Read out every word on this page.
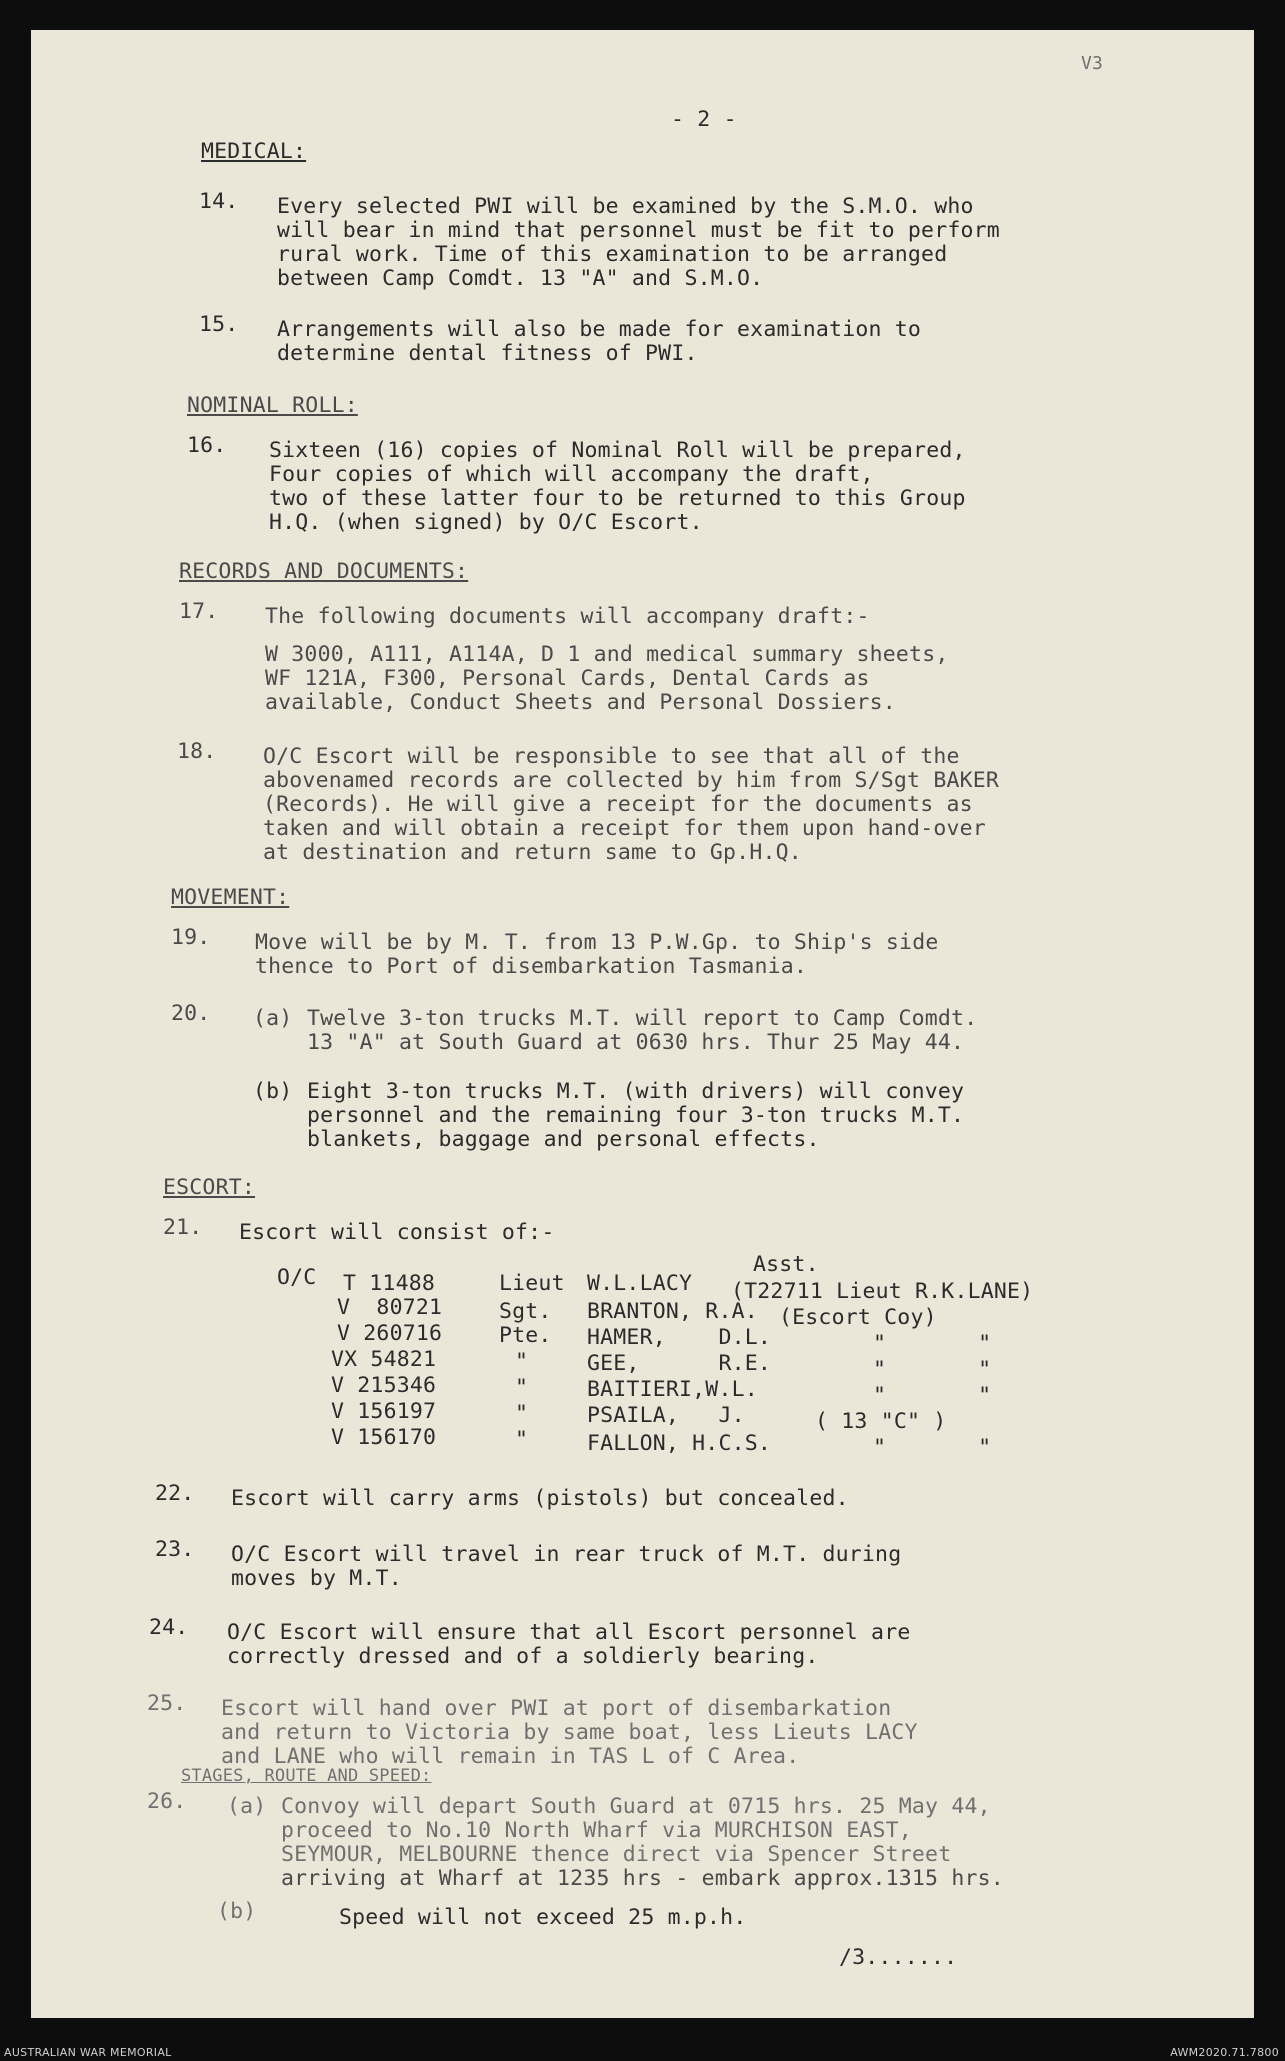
- 2 -
V3
MEDICAL:
14. Every selected PWI will be examined by the S.M.O. who
will bear in mind that personnel must be fit to perform
rural work. Time of this examination to be arranged
between Camp Comdt. 13 "A" and S.M.O.
15. Arrangements will also be made for examination to
determine dental fitness of PWI.
NOMINAL ROLL:
16. Sixteen (16) copies of Nominal Roll will be prepared,
Four copies of which will accompany the draft,
two of these latter four to be returned to this Group
H.Q. (when signed) by O/C Escort.
RECORDS AND DOCUMENTS:
17. The following documents will accompany draft:-
W 3000, A111, A114A, D 1 and medical summary sheets,
WF 121A, F300, Personal Cards, Dental Cards as
available, Conduct Sheets and Personal Dossiers.
18. O/C Escort will be responsible to see that all of the
abovenamed records are collected by him from S/Sgt BAKER
(Records). He will give a receipt for the documents as
taken and will obtain a receipt for them upon hand-over
at destination and return same to Gp.H.Q.
MOVEMENT:
19. Move will be by M. T. from 13 P.W.Gp. to Ship's side
thence to Port of disembarkation Tasmania.
20. (a) Twelve 3-ton trucks M.T. will report to Camp Comdt.
13 "A" at South Guard at 0630 hrs. Thur 25 May 44.
(b) Eight 3-ton trucks M.T. (with drivers) will convey
personnel and the remaining four 3-ton trucks M.T.
blankets, baggage and personal effects.
ESCORT:
21. Escort will consist of:-
Asst.
O/C T 11488	Lieut W.L.LACY (T22711 Lieut R.K.LANE)
V  80721	Sgt. BRANTON, R.A. (Escort Coy)
V 260716	Pte. HAMER,    D.L.	"       "
VX 54821	"	GEE,      R.E.	"       "
V 215346	"	BAITIERI,W.L.	"       "
V 156197	"	PSAILA,   J.	( 13 "C" )
V 156170	"	FALLON, H.C.S.	"       "
22. Escort will carry arms (pistols) but concealed.
23. O/C Escort will travel in rear truck of M.T. during
moves by M.T.
24. O/C Escort will ensure that all Escort personnel are
correctly dressed and of a soldierly bearing.
25. Escort will hand over PWI at port of disembarkation
and return to Victoria by same boat, less Lieuts LACY
and LANE who will remain in TAS L of C Area.
STAGES, ROUTE AND SPEED:
26. (a) Convoy will depart South Guard at 0715 hrs. 25 May 44,
proceed to No.10 North Wharf via MURCHISON EAST,
SEYMOUR, MELBOURNE thence direct via Spencer Street
arriving at Wharf at 1235 hrs - embark approx.1315 hrs.
(b)	Speed will not exceed 25 m.p.h.
/3.......
AUSTRALIAN WAR MEMORIAL	AWM2020.71.7800
